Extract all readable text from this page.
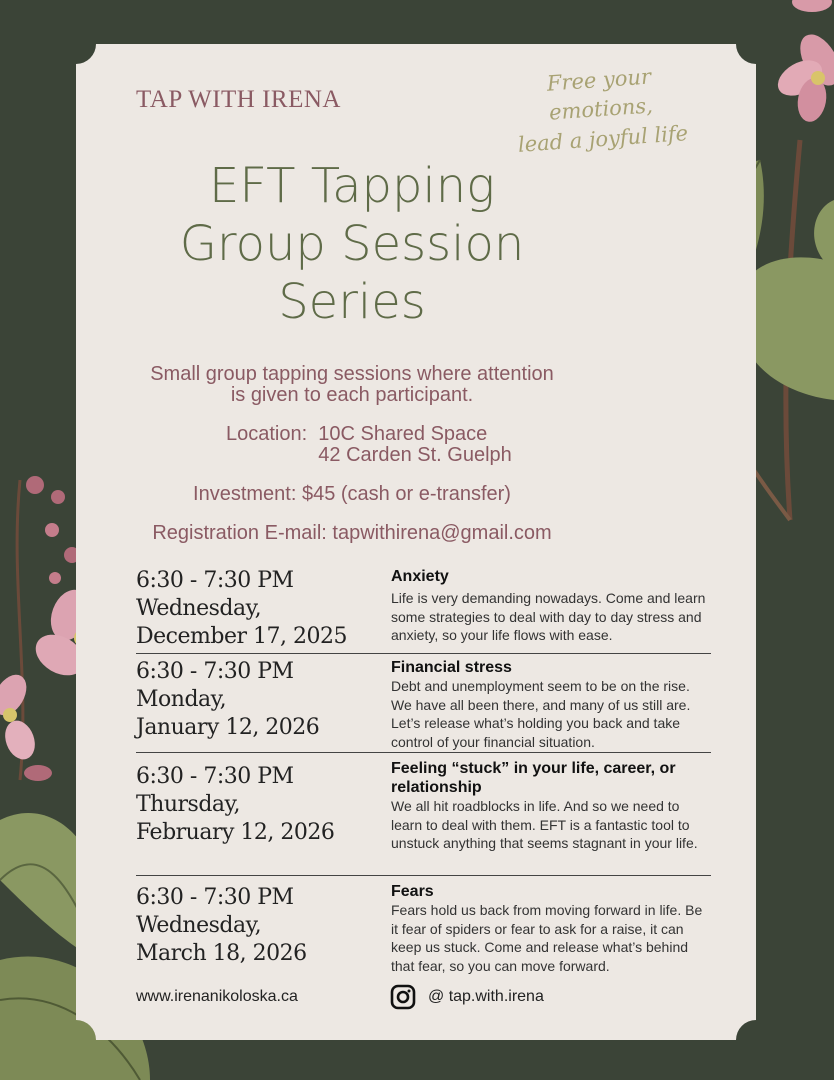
TAP WITH IRENA
Free your emotions,
lead a joyful life
EFT Tapping
Group Session
Series
Small group tapping sessions where attention
is given to each participant.
Location: 10C Shared Space
42 Carden St. Guelph
Investment: $45 (cash or e-transfer)
Registration E-mail: tapwithirena@gmail.com
6:30 - 7:30 PM
Wednesday,
December 17, 2025
Anxiety
Life is very demanding nowadays. Come and learn some strategies to deal with day to day stress and anxiety, so your life flows with ease.
6:30 - 7:30 PM
Monday,
January 12, 2026
Financial stress
Debt and unemployment seem to be on the rise. We have all been there, and many of us still are. Let’s release what’s holding you back and take control of your financial situation.
6:30 - 7:30 PM
Thursday,
February 12, 2026
Feeling “stuck” in your life, career, or relationship
We all hit roadblocks in life. And so we need to learn to deal with them. EFT is a fantastic tool to unstuck anything that seems stagnant in your life.
6:30 - 7:30 PM
Wednesday,
March 18, 2026
Fears
Fears hold us back from moving forward in life. Be it fear of spiders or fear to ask for a raise, it can keep us stuck. Come and release what’s behind that fear, so you can move forward.
www.irenanikoloska.ca	@ tap.with.irena
